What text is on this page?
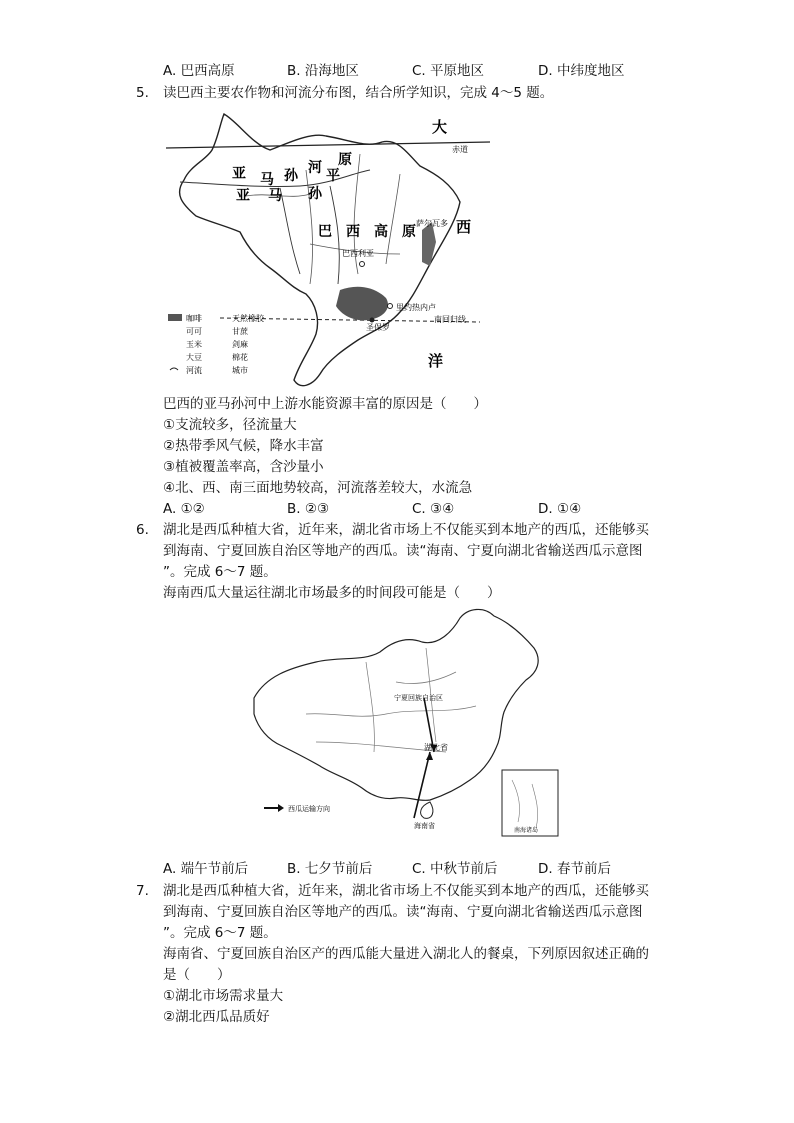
A. 巴西高原	B. 沿海地区	C. 平原地区	D. 中纬度地区
5. 读巴西主要农作物和河流分布图，结合所学知识，完成 4～5 题。
大
赤道
西
洋
南回归线
亚 马 孙 河 平
原
亚 马 孙
巴 西 高 原
萨尔瓦多
巴西利亚
里约热内卢
圣保罗
咖啡	天然橡胶
可可	甘蔗
玉米	剑麻
大豆	棉花
河流	城市
巴西的亚马孙河中上游水能资源丰富的原因是（　　）
①支流较多，径流量大
②热带季风气候，降水丰富
③植被覆盖率高，含沙量小
④北、西、南三面地势较高，河流落差较大，水流急
A. ①②	B. ②③	C. ③④	D. ①④
6. 湖北是西瓜种植大省，近年来，湖北省市场上不仅能买到本地产的西瓜，还能够买
到海南、宁夏回族自治区等地产的西瓜。读“海南、宁夏向湖北省输送西瓜示意图
”。完成 6～7 题。
海南西瓜大量运往湖北市场最多的时间段可能是（　　）
宁夏回族自治区
湖北省
海南省
南海诸岛
西瓜运输方向
A. 端午节前后	B. 七夕节前后	C. 中秋节前后	D. 春节前后
7. 湖北是西瓜种植大省，近年来，湖北省市场上不仅能买到本地产的西瓜，还能够买
到海南、宁夏回族自治区等地产的西瓜。读“海南、宁夏向湖北省输送西瓜示意图
”。完成 6～7 题。
海南省、宁夏回族自治区产的西瓜能大量进入湖北人的餐桌，下列原因叙述正确的
是（　　）
①湖北市场需求量大
②湖北西瓜品质好
